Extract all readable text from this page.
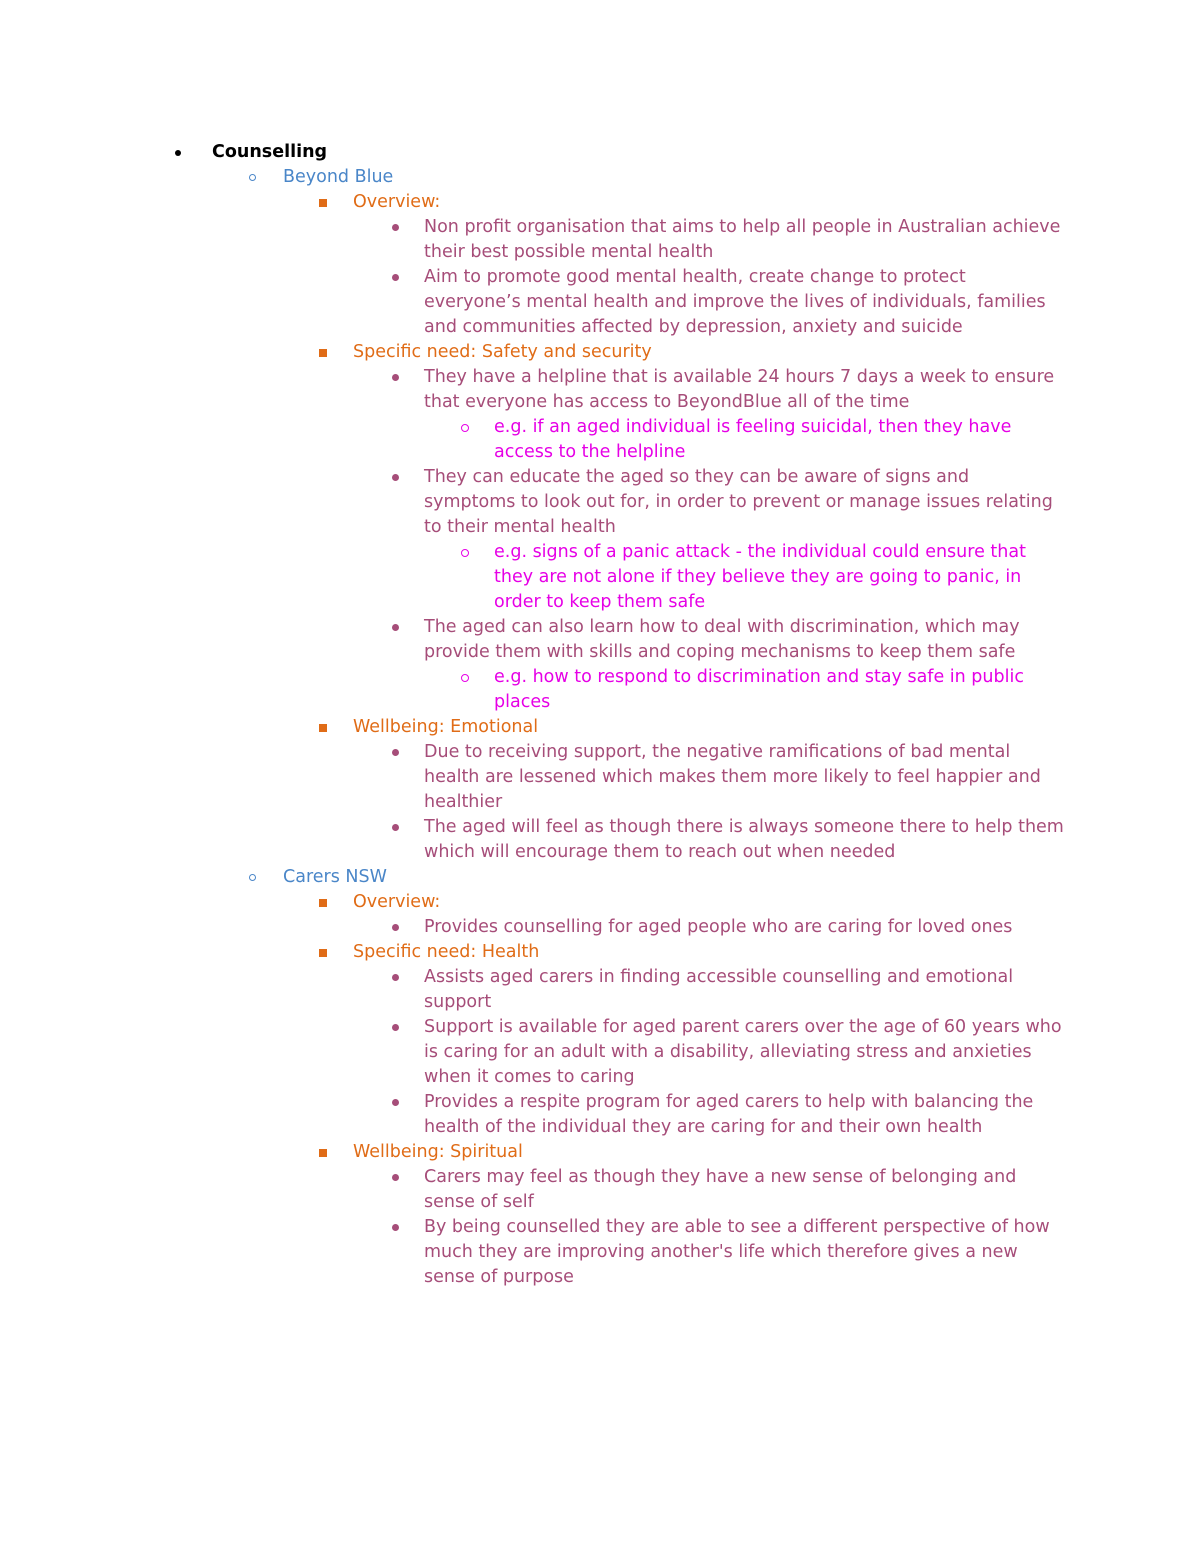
Counselling
Beyond Blue
Overview:
Non profit organisation that aims to help all people in Australian achieve their best possible mental health
Aim to promote good mental health, create change to protect everyone’s mental health and improve the lives of individuals, families and communities affected by depression, anxiety and suicide
Specific need: Safety and security
They have a helpline that is available 24 hours 7 days a week to ensure that everyone has access to BeyondBlue all of the time
e.g. if an aged individual is feeling suicidal, then they have access to the helpline
They can educate the aged so they can be aware of signs and symptoms to look out for, in order to prevent or manage issues relating to their mental health
e.g. signs of a panic attack - the individual could ensure that they are not alone if they believe they are going to panic, in order to keep them safe
The aged can also learn how to deal with discrimination, which may provide them with skills and coping mechanisms to keep them safe
e.g. how to respond to discrimination and stay safe in public places
Wellbeing: Emotional
Due to receiving support, the negative ramifications of bad mental health are lessened which makes them more likely to feel happier and healthier
The aged will feel as though there is always someone there to help them which will encourage them to reach out when needed
Carers NSW
Overview:
Provides counselling for aged people who are caring for loved ones
Specific need: Health
Assists aged carers in finding accessible counselling and emotional support
Support is available for aged parent carers over the age of 60 years who is caring for an adult with a disability, alleviating stress and anxieties when it comes to caring
Provides a respite program for aged carers to help with balancing the health of the individual they are caring for and their own health
Wellbeing: Spiritual
Carers may feel as though they have a new sense of belonging and sense of self
By being counselled they are able to see a different perspective of how much they are improving another's life which therefore gives a new sense of purpose
